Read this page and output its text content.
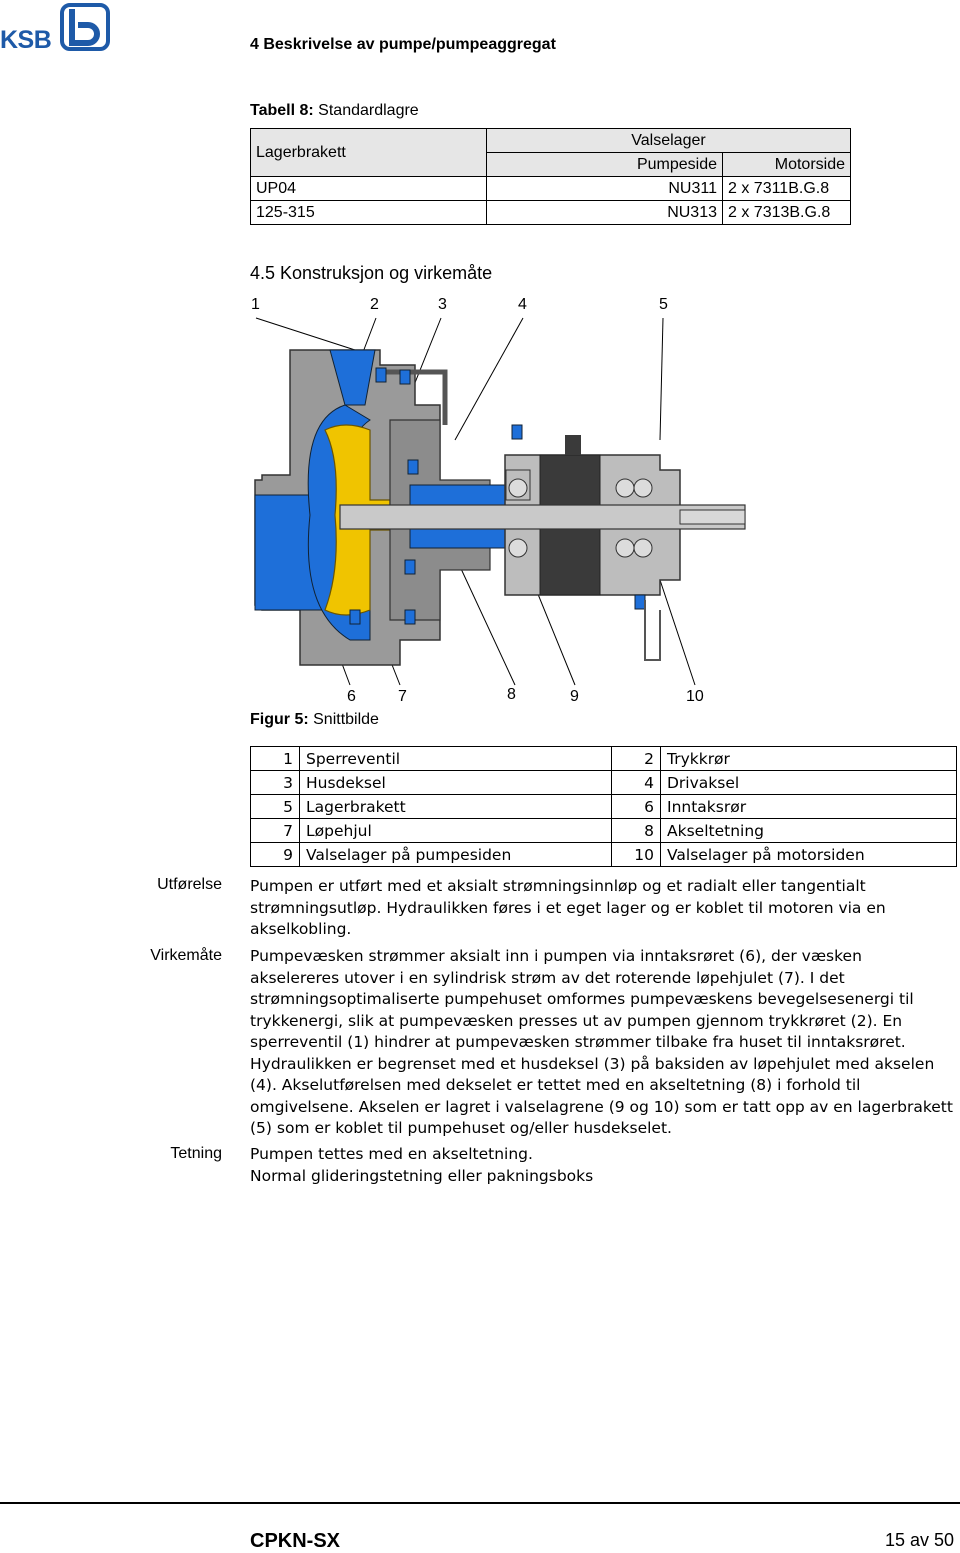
KSB	4 Beskrivelse av pumpe/pumpeaggregat
Tabell 8: Standardlagre
Lagerbrakett	Valselager	
	Pumpeside	Motorside
UP04	NU311	2 x 7311B.G.8
125-315	NU313	2 x 7313B.G.8
4.5 Konstruksjon og virkemåte
1	2	3	4	5
6	7	8	9	10
Figur 5: Snittbilde
1	Sperreventil	2	Trykkrør
3	Husdeksel	4	Drivaksel
5	Lagerbrakett	6	Inntaksrør
7	Løpehjul	8	Akseltetning
9	Valselager på pumpesiden	10	Valselager på motorsiden
Utførelse Pumpen er utført med et aksialt strømningsinnløp og et radialt eller tangentialt strømningsutløp. Hydraulikken føres i et eget lager og er koblet til motoren via en akselkobling.
Virkemåte Pumpevæsken strømmer aksialt inn i pumpen via inntaksrøret (6), der væsken akselereres utover i en sylindrisk strøm av det roterende løpehjulet (7). I det strømningsoptimaliserte pumpehuset omformes pumpevæskens bevegelsesenergi til trykkenergi, slik at pumpevæsken presses ut av pumpen gjennom trykkrøret (2). En sperreventil (1) hindrer at pumpevæsken strømmer tilbake fra huset til inntaksrøret. Hydraulikken er begrenset med et husdeksel (3) på baksiden av løpehjulet med akselen (4). Akselutførelsen med dekselet er tettet med en akseltetning (8) i forhold til omgivelsene. Akselen er lagret i valselagrene (9 og 10) som er tatt opp av en lagerbrakett (5) som er koblet til pumpehuset og/eller husdekselet.
Tetning Pumpen tettes med en akseltetning.
Normal glideringstetning eller pakningsboks
CPKN-SX	15 av 50
